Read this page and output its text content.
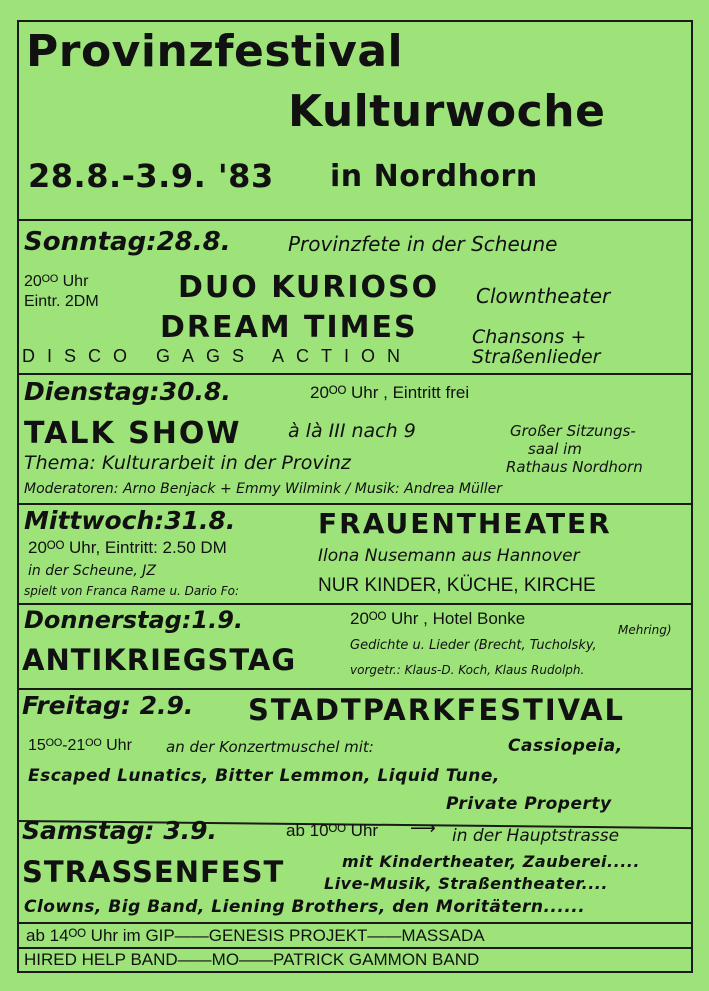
Provinzfestival
Kulturwoche
28.8.-3.9. '83 in Nordhorn
Sonntag:28.8.	Provinzfete in der Scheune
20ᴼᴼ Uhr
Eintr. 2DM	DUO KURIOSO Clowntheater
DREAM TIMES	Chansons +
Straßenlieder
DISCO GAGS ACTION
Dienstag:30.8.	20ᴼᴼ Uhr , Eintritt frei
TALK SHOW à là III nach 9	Großer Sitzungs-
saal im
Rathaus Nordhorn
Thema: Kulturarbeit in der Provinz
Moderatoren: Arno Benjack + Emmy Wilmink / Musik: Andrea Müller
Mittwoch:31.8.
20ᴼᴼ Uhr, Eintritt: 2.50 DM
in der Scheune, JZ
spielt von Franca Rame u. Dario Fo:
FRAUENTHEATER
Ilona Nusemann aus Hannover
NUR KINDER, KÜCHE, KIRCHE
Donnerstag:1.9.
ANTIKRIEGSTAG
20ᴼᴼ Uhr , Hotel Bonke
Mehring)
Gedichte u. Lieder (Brecht, Tucholsky,
vorgetr.: Klaus-D. Koch, Klaus Rudolph.
Freitag: 2.9. STADTPARKFESTIVAL
15ᴼᴼ-21ᴼᴼ Uhr an der Konzertmuschel mit:	Cassiopeia,
Escaped Lunatics, Bitter Lemmon, Liquid Tune,
Private Property
Samstag: 3.9.	ab 10ᴼᴼ Uhr ⟶ in der Hauptstrasse
STRASSENFEST	mit Kindertheater, Zauberei.....
Live-Musik, Straßentheater....
Clowns, Big Band, Liening Brothers, den Moritätern......
ab 14ᴼᴼ Uhr im GIP——GENESIS PROJEKT——MASSADA
HIRED HELP BAND——MO——PATRICK GAMMON BAND
